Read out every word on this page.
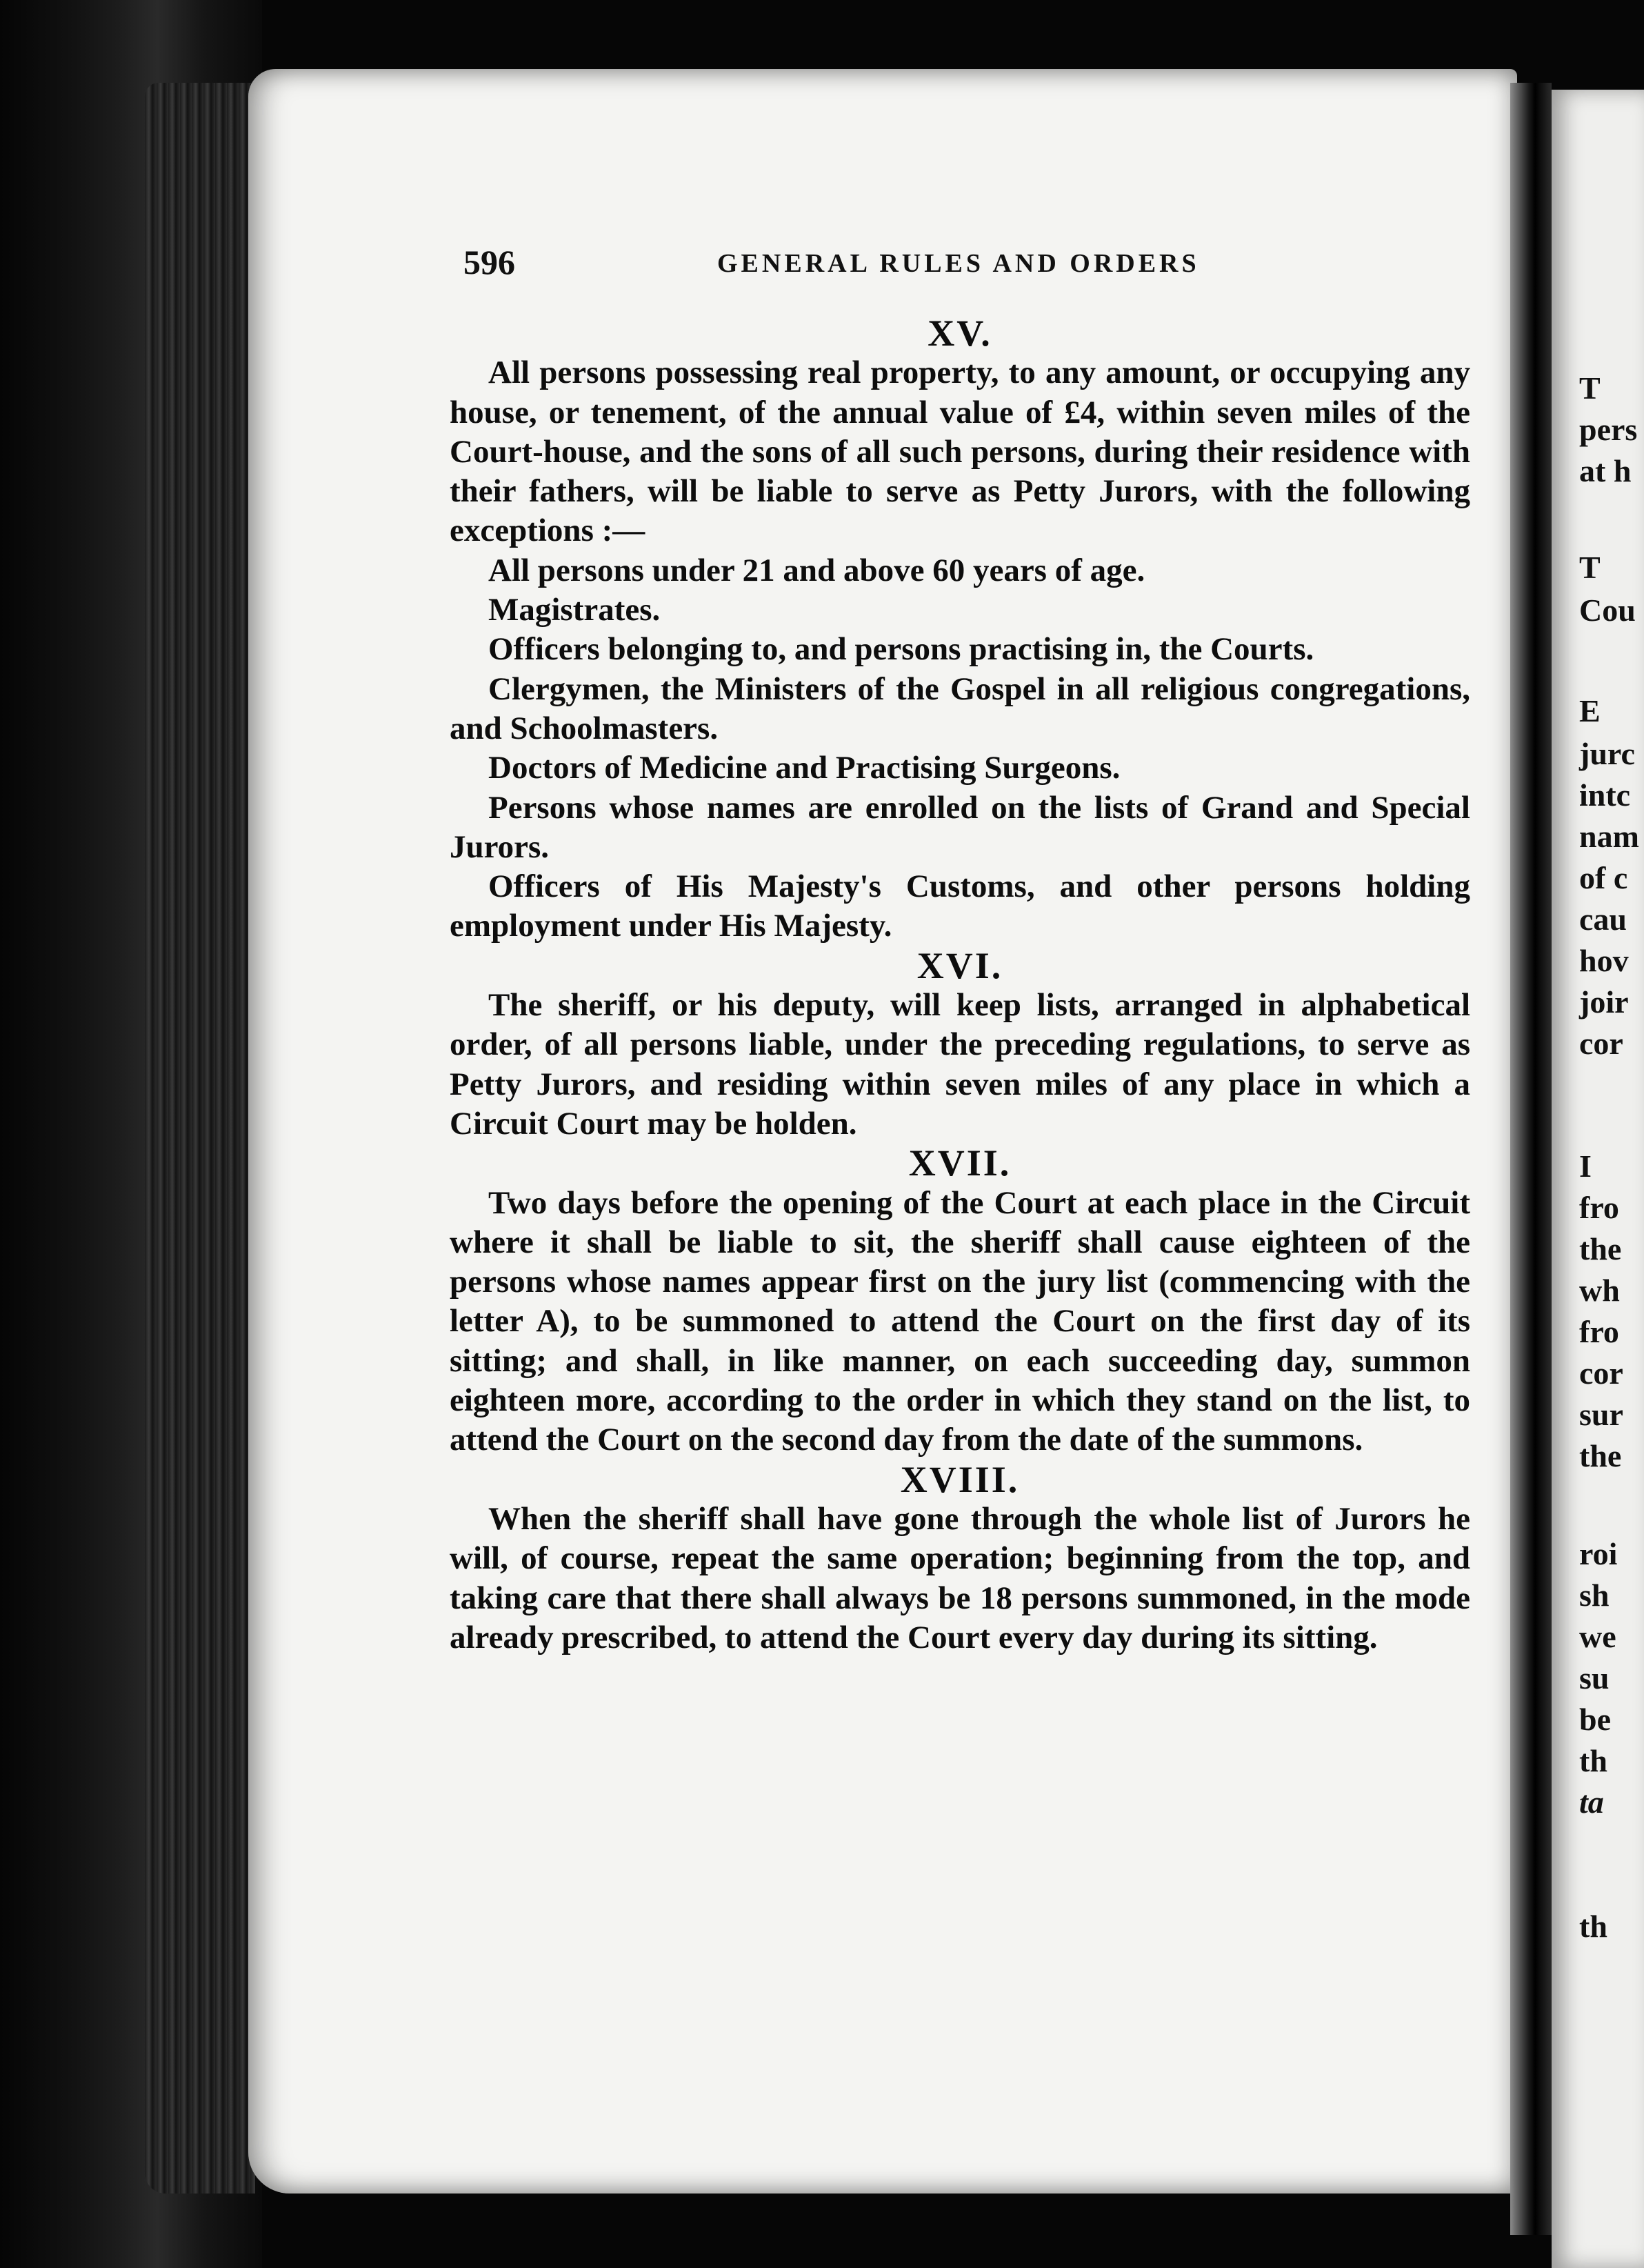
T
pers
at h
T
Cou
E
jurc
intc
nam
of c
cau
hov
joir
cor
I
fro
the
wh
fro
cor
sur
the
roi
sh
we
su
be
th
ta
th
596	GENERAL RULES AND ORDERS
XV.

All persons possessing real property, to any amount, or occupying any house, or tenement, of the annual value of £4, within seven miles of the Court-house, and the sons of all such persons, during their residence with their fathers, will be liable to serve as Petty Jurors, with the following exceptions :—

All persons under 21 and above 60 years of age.

Magistrates.

Officers belonging to, and persons practising in, the Courts.

Clergymen, the Ministers of the Gospel in all religious congregations, and Schoolmasters.

Doctors of Medicine and Practising Surgeons.

Persons whose names are enrolled on the lists of Grand and Special Jurors.

Officers of His Majesty's Customs, and other persons holding employment under His Majesty.

XVI.

The sheriff, or his deputy, will keep lists, arranged in alphabetical order, of all persons liable, under the preceding regulations, to serve as Petty Jurors, and residing within seven miles of any place in which a Circuit Court may be holden.

XVII.

Two days before the opening of the Court at each place in the Circuit where it shall be liable to sit, the sheriff shall cause eighteen of the persons whose names appear first on the jury list (commencing with the letter A), to be summoned to attend the Court on the first day of its sitting; and shall, in like manner, on each succeeding day, summon eighteen more, according to the order in which they stand on the list, to attend the Court on the second day from the date of the summons.

XVIII.

When the sheriff shall have gone through the whole list of Jurors he will, of course, repeat the same operation; beginning from the top, and taking care that there shall always be 18 persons summoned, in the mode already prescribed, to attend the Court every day during its sitting.
